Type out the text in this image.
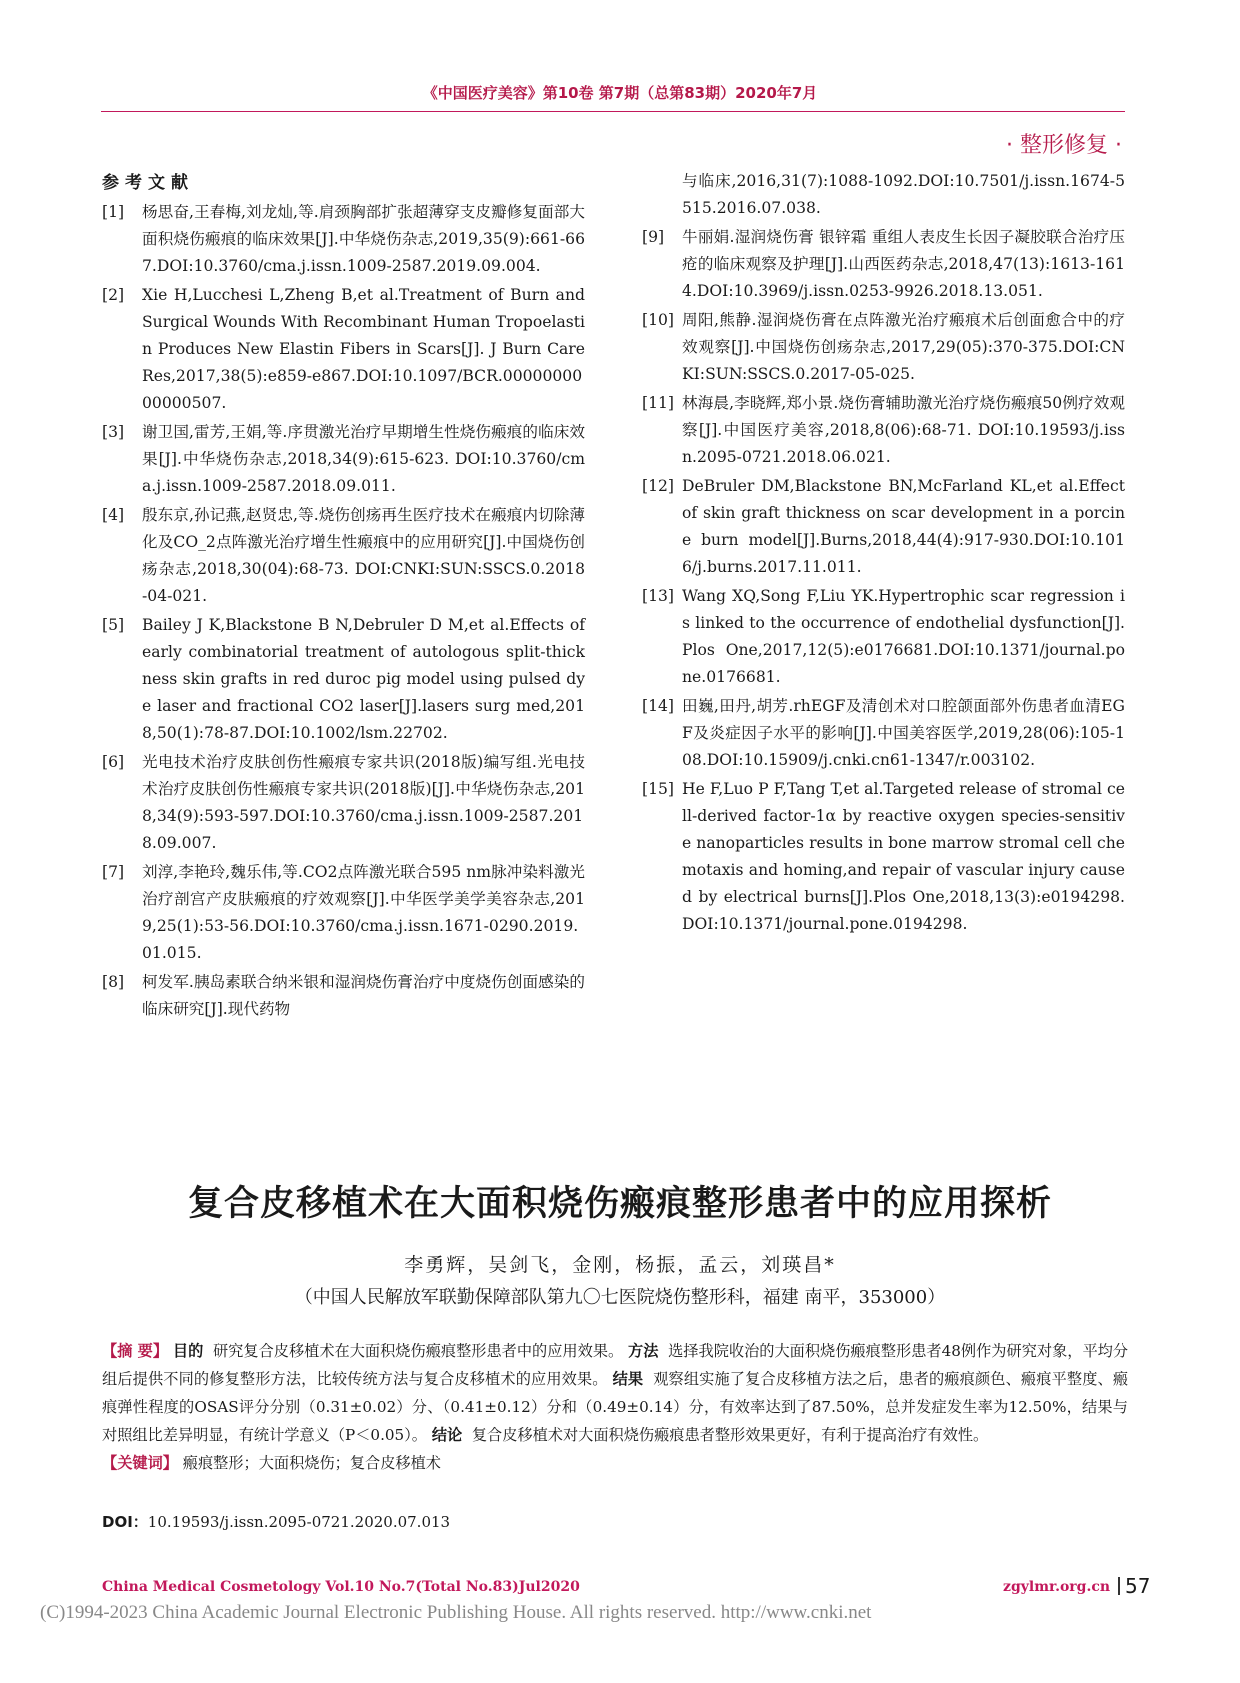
《中国医疗美容》第10卷 第7期（总第83期）2020年7月
· 整形修复 ·
参考文献
[1] 杨思奋,王春梅,刘龙灿,等.肩颈胸部扩张超薄穿支皮瓣修复面部大面积烧伤瘢痕的临床效果[J].中华烧伤杂志,2019,35(9):661-667.DOI:10.3760/cma.j.issn.1009-2587.2019.09.004.
[2] Xie H,Lucchesi L,Zheng B,et al.Treatment of Burn and Surgical Wounds With Recombinant Human Tropoelastin Produces New Elastin Fibers in Scars[J]. J Burn Care Res,2017,38(5):e859-e867.DOI:10.1097/BCR.0000000000000507.
[3] 谢卫国,雷芳,王娟,等.序贯激光治疗早期增生性烧伤瘢痕的临床效果[J].中华烧伤杂志,2018,34(9):615-623. DOI:10.3760/cma.j.issn.1009-2587.2018.09.011.
[4] 殷东京,孙记燕,赵贤忠,等.烧伤创疡再生医疗技术在瘢痕内切除薄化及CO_2点阵激光治疗增生性瘢痕中的应用研究[J].中国烧伤创疡杂志,2018,30(04):68-73. DOI:CNKI:SUN:SSCS.0.2018-04-021.
[5] Bailey J K,Blackstone B N,Debruler D M,et al.Effects of early combinatorial treatment of autologous split-thickness skin grafts in red duroc pig model using pulsed dye laser and fractional CO2 laser[J].lasers surg med,2018,50(1):78-87.DOI:10.1002/lsm.22702.
[6] 光电技术治疗皮肤创伤性瘢痕专家共识(2018版)编写组.光电技术治疗皮肤创伤性瘢痕专家共识(2018版)[J].中华烧伤杂志,2018,34(9):593-597.DOI:10.3760/cma.j.issn.1009-2587.2018.09.007.
[7] 刘淳,李艳玲,魏乐伟,等.CO2点阵激光联合595 nm脉冲染料激光治疗剖宫产皮肤瘢痕的疗效观察[J].中华医学美学美容杂志,2019,25(1):53-56.DOI:10.3760/cma.j.issn.1671-0290.2019.01.015.
[8] 柯发军.胰岛素联合纳米银和湿润烧伤膏治疗中度烧伤创面感染的临床研究[J].现代药物
与临床,2016,31(7):1088-1092.DOI:10.7501/j.issn.1674-5515.2016.07.038.
[9] 牛丽娟.湿润烧伤膏 银锌霜 重组人表皮生长因子凝胶联合治疗压疮的临床观察及护理[J].山西医药杂志,2018,47(13):1613-1614.DOI:10.3969/j.issn.0253-9926.2018.13.051.
[10] 周阳,熊静.湿润烧伤膏在点阵激光治疗瘢痕术后创面愈合中的疗效观察[J].中国烧伤创疡杂志,2017,29(05):370-375.DOI:CNKI:SUN:SSCS.0.2017-05-025.
[11] 林海晨,李晓辉,郑小景.烧伤膏辅助激光治疗烧伤瘢痕50例疗效观察[J].中国医疗美容,2018,8(06):68-71. DOI:10.19593/j.issn.2095-0721.2018.06.021.
[12] DeBruler DM,Blackstone BN,McFarland KL,et al.Effect of skin graft thickness on scar development in a porcine burn model[J].Burns,2018,44(4):917-930.DOI:10.1016/j.burns.2017.11.011.
[13] Wang XQ,Song F,Liu YK.Hypertrophic scar regression is linked to the occurrence of endothelial dysfunction[J]. Plos One,2017,12(5):e0176681.DOI:10.1371/journal.pone.0176681.
[14] 田巍,田丹,胡芳.rhEGF及清创术对口腔颌面部外伤患者血清EGF及炎症因子水平的影响[J].中国美容医学,2019,28(06):105-108.DOI:10.15909/j.cnki.cn61-1347/r.003102.
[15] He F,Luo P F,Tang T,et al.Targeted release of stromal cell-derived factor-1α by reactive oxygen species-sensitive nanoparticles results in bone marrow stromal cell chemotaxis and homing,and repair of vascular injury caused by electrical burns[J].Plos One,2018,13(3):e0194298.DOI:10.1371/journal.pone.0194298.
复合皮移植术在大面积烧伤瘢痕整形患者中的应用探析
李勇辉，吴剑飞，金刚，杨振，孟云，刘瑛昌*
（中国人民解放军联勤保障部队第九〇七医院烧伤整形科，福建 南平，353000）

【摘 要】 目的 研究复合皮移植术在大面积烧伤瘢痕整形患者中的应用效果。 方法 选择我院收治的大面积烧伤瘢痕整形患者48例作为研究对象，平均分组后提供不同的修复整形方法，比较传统方法与复合皮移植术的应用效果。 结果 观察组实施了复合皮移植方法之后，患者的瘢痕颜色、瘢痕平整度、瘢痕弹性程度的OSAS评分分别（0.31±0.02）分、（0.41±0.12）分和（0.49±0.14）分，有效率达到了87.50%，总并发症发生率为12.50%，结果与对照组比差异明显，有统计学意义（P＜0.05）。 结论 复合皮移植术对大面积烧伤瘢痕患者整形效果更好，有利于提高治疗有效性。

【关键词】 瘢痕整形；大面积烧伤；复合皮移植术

DOI：10.19593/j.issn.2095-0721.2020.07.013
China Medical Cosmetology Vol.10 No.7(Total No.83)Jul2020	zgylmr.org.cn 57
(C)1994-2023 China Academic Journal Electronic Publishing House. All rights reserved. http://www.cnki.net
